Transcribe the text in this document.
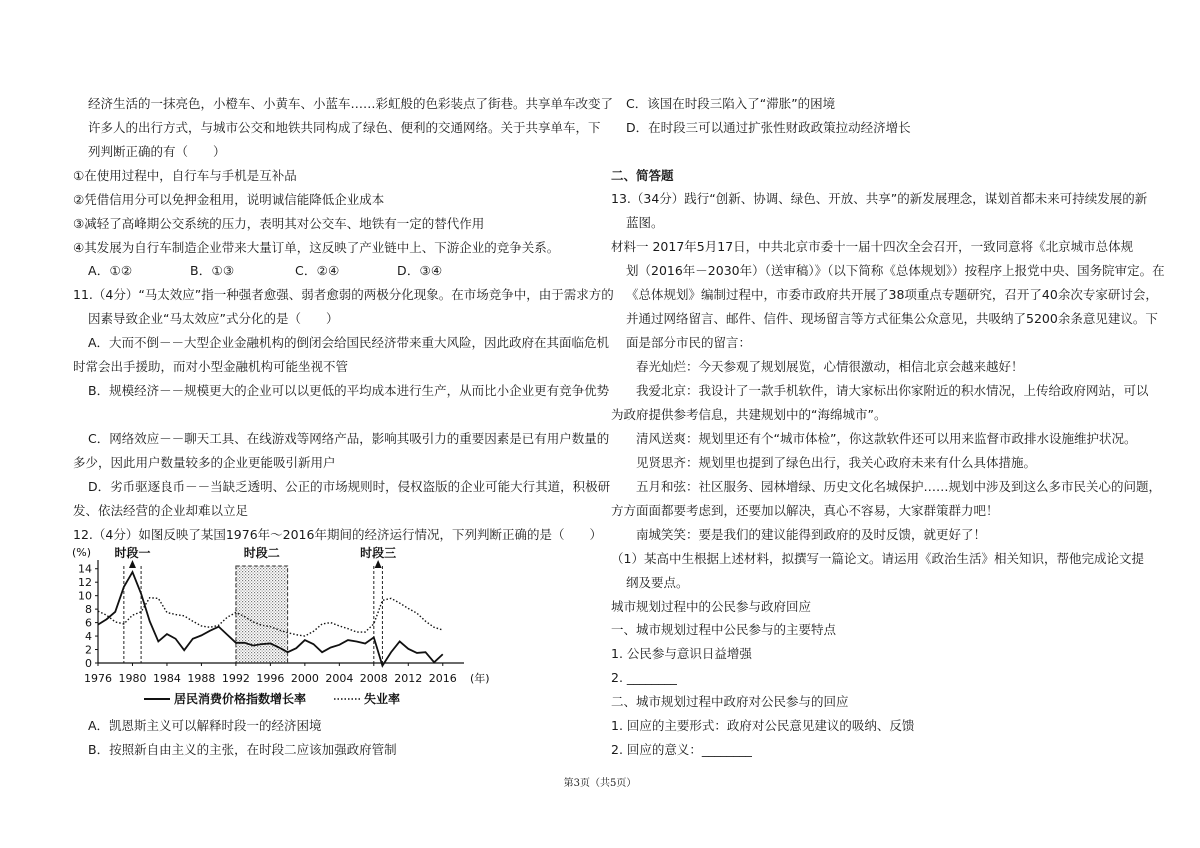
经济生活的一抹亮色，小橙车、小黄车、小蓝车……彩虹般的色彩装点了街巷。共享单车改变了
许多人的出行方式，与城市公交和地铁共同构成了绿色、便利的交通网络。关于共享单车，下
列判断正确的有（　　）
①在使用过程中，自行车与手机是互补品
②凭借信用分可以免押金租用，说明诚信能降低企业成本
③减轻了高峰期公交系统的压力，表明其对公交车、地铁有一定的替代作用
④其发展为自行车制造企业带来大量订单，这反映了产业链中上、下游企业的竞争关系。
A．①②	B．①③	C．②④	D．③④
11.（4分）“马太效应”指一种强者愈强、弱者愈弱的两极分化现象。在市场竞争中，由于需求方的
因素导致企业“马太效应”式分化的是（　　）
A．大而不倒－－大型企业金融机构的倒闭会给国民经济带来重大风险，因此政府在其面临危机
时常会出手援助，而对小型金融机构可能坐视不管
B．规模经济－－规模更大的企业可以以更低的平均成本进行生产，从而比小企业更有竞争优势
C．网络效应－－聊天工具、在线游戏等网络产品，影响其吸引力的重要因素是已有用户数量的
多少，因此用户数量较多的企业更能吸引新用户
D．劣币驱逐良币－－当缺乏透明、公正的市场规则时，侵权盗版的企业可能大行其道，积极研
发、依法经营的企业却难以立足
12.（4分）如图反映了某国1976年～2016年期间的经济运行情况，下列判断正确的是（　　）
0
2
4
6
8
10
12
14
1976 1980 1984 1988 1992 1996 2000 2004 2008 2012 2016
(%)
(年)
时段一	时段二	时段三
居民消费价格指数增长率	失业率
A．凯恩斯主义可以解释时段一的经济困境
B．按照新自由主义的主张，在时段二应该加强政府管制
C．该国在时段三陷入了“滞胀”的困境
D．在时段三可以通过扩张性财政政策拉动经济增长
二、简答题
13.（34分）践行“创新、协调、绿色、开放、共享”的新发展理念，谋划首都未来可持续发展的新
蓝图。
材料一 2017年5月17日，中共北京市委十一届十四次全会召开，一致同意将《北京城市总体规
划（2016年－2030年）（送审稿）》（以下简称《总体规划》）按程序上报党中央、国务院审定。在
《总体规划》编制过程中，市委市政府共开展了38项重点专题研究，召开了40余次专家研讨会，
并通过网络留言、邮件、信件、现场留言等方式征集公众意见，共吸纳了5200余条意见建议。下
面是部分市民的留言：
春光灿烂：今天参观了规划展览，心情很激动，相信北京会越来越好！
我爱北京：我设计了一款手机软件，请大家标出你家附近的积水情况，上传给政府网站，可以
为政府提供参考信息，共建规划中的“海绵城市”。
清风送爽：规划里还有个“城市体检”，你这款软件还可以用来监督市政排水设施维护状况。
见贤思齐：规划里也提到了绿色出行，我关心政府未来有什么具体措施。
五月和弦：社区服务、园林增绿、历史文化名城保护……规划中涉及到这么多市民关心的问题，
方方面面都要考虑到，还要加以解决，真心不容易，大家群策群力吧！
南城笑笑：要是我们的建议能得到政府的及时反馈，就更好了！
（1）某高中生根据上述材料，拟撰写一篇论文。请运用《政治生活》相关知识，帮他完成论文提
纲及要点。
城市规划过程中的公民参与政府回应
一、城市规划过程中公民参与的主要特点
1. 公民参与意识日益增强
2. ________
二、城市规划过程中政府对公民参与的回应
1. 回应的主要形式：政府对公民意见建议的吸纳、反馈
2. 回应的意义：________
第3页（共5页）
